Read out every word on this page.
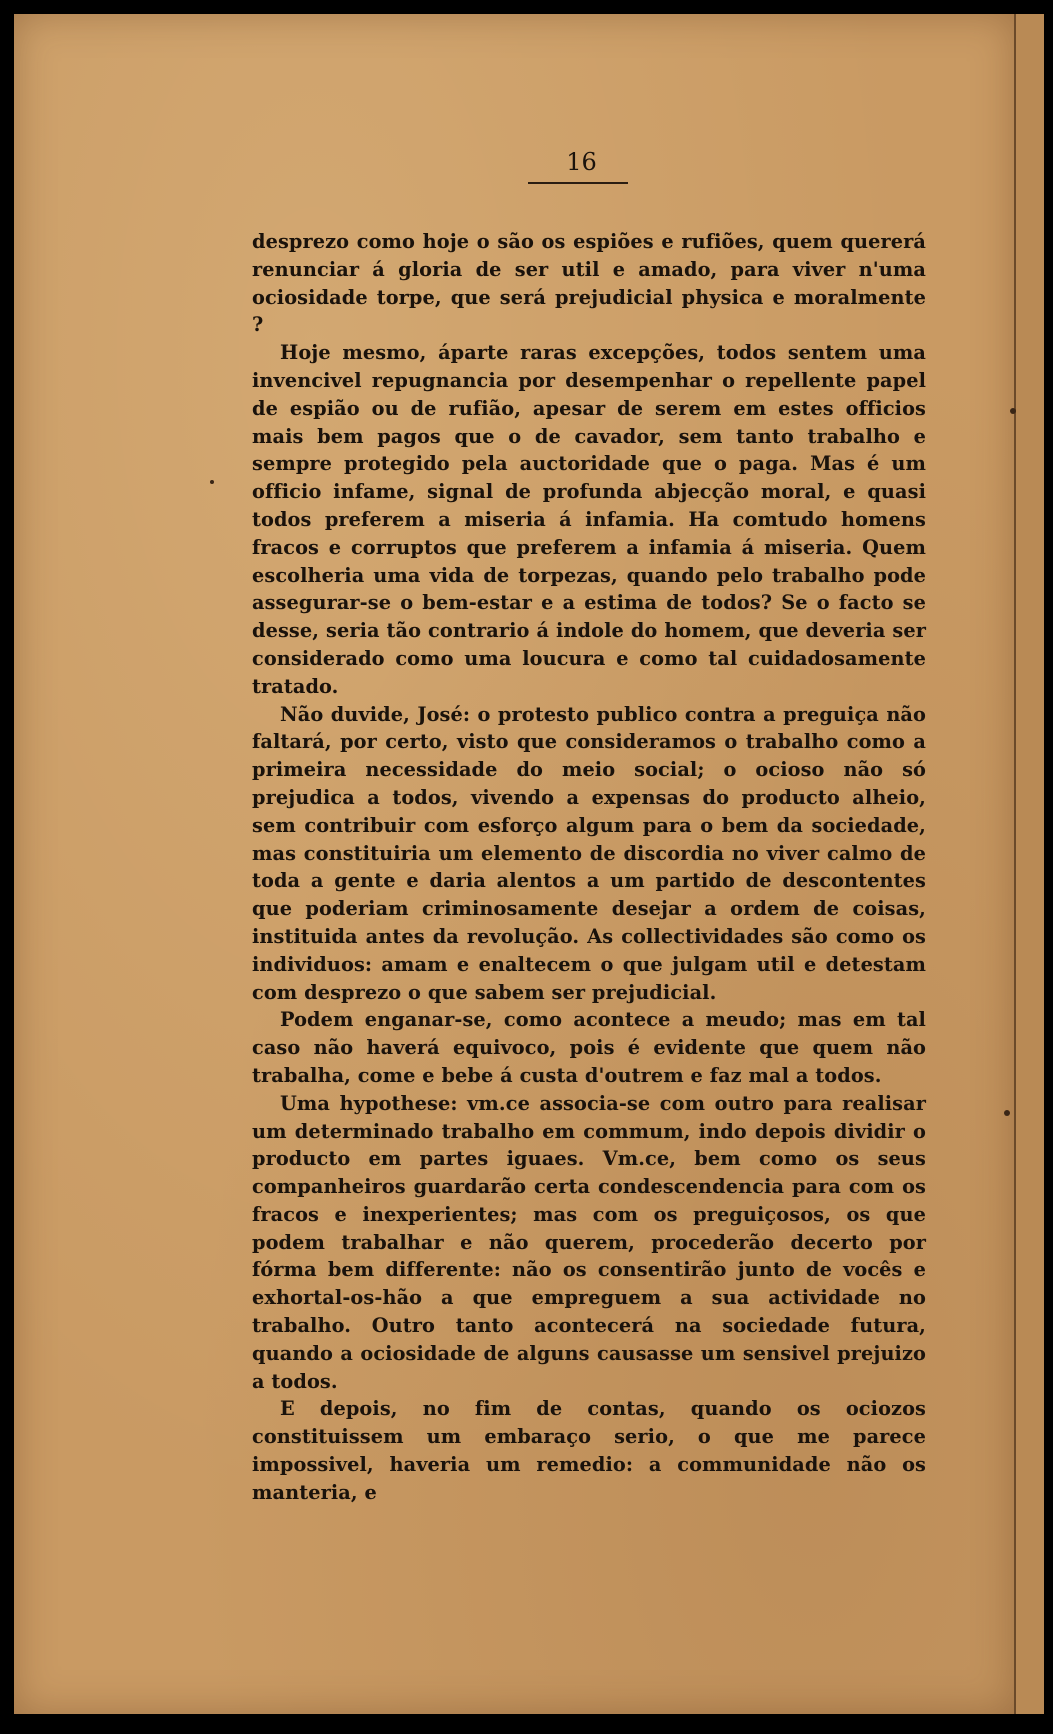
16

desprezo como hoje o são os espiões e rufiões, quem quererá renunciar á gloria de ser util e amado, para viver n'uma ociosidade torpe, que será prejudicial physica e moralmente ?

Hoje mesmo, áparte raras excepções, todos sentem uma invencivel repugnancia por desempenhar o repellente papel de espião ou de rufião, apesar de serem em estes officios mais bem pagos que o de cavador, sem tanto trabalho e sempre protegido pela auctoridade que o paga. Mas é um officio infame, signal de profunda abjecção moral, e quasi todos preferem a miseria á infamia. Ha comtudo homens fracos e corruptos que preferem a infamia á miseria. Quem escolheria uma vida de torpezas, quando pelo trabalho pode assegurar-se o bem-estar e a estima de todos? Se o facto se desse, seria tão contrario á indole do homem, que deveria ser considerado como uma loucura e como tal cuidadosamente tratado.

Não duvide, José: o protesto publico contra a preguiça não faltará, por certo, visto que consideramos o trabalho como a primeira necessidade do meio social; o ocioso não só prejudica a todos, vivendo a expensas do producto alheio, sem contribuir com esforço algum para o bem da sociedade, mas constituiria um elemento de discordia no viver calmo de toda a gente e daria alentos a um partido de descontentes que poderiam criminosamente desejar a ordem de coisas, instituida antes da revolução. As collectividades são como os individuos: amam e enaltecem o que julgam util e detestam com desprezo o que sabem ser prejudicial.

Podem enganar-se, como acontece a meudo; mas em tal caso não haverá equivoco, pois é evidente que quem não trabalha, come e bebe á custa d'outrem e faz mal a todos.

Uma hypothese: vm.ce associa-se com outro para realisar um determinado trabalho em commum, indo depois dividir o producto em partes iguaes. Vm.ce, bem como os seus companheiros guardarão certa condescendencia para com os fracos e inexperientes; mas com os preguiçosos, os que podem trabalhar e não querem, procederão decerto por fórma bem differente: não os consentirão junto de vocês e exhortal-os-hão a que empreguem a sua actividade no trabalho. Outro tanto acontecerá na sociedade futura, quando a ociosidade de alguns causasse um sensivel prejuizo a todos.

E depois, no fim de contas, quando os ociozos constituissem um embaraço serio, o que me parece impossivel, haveria um remedio: a communidade não os manteria, e
